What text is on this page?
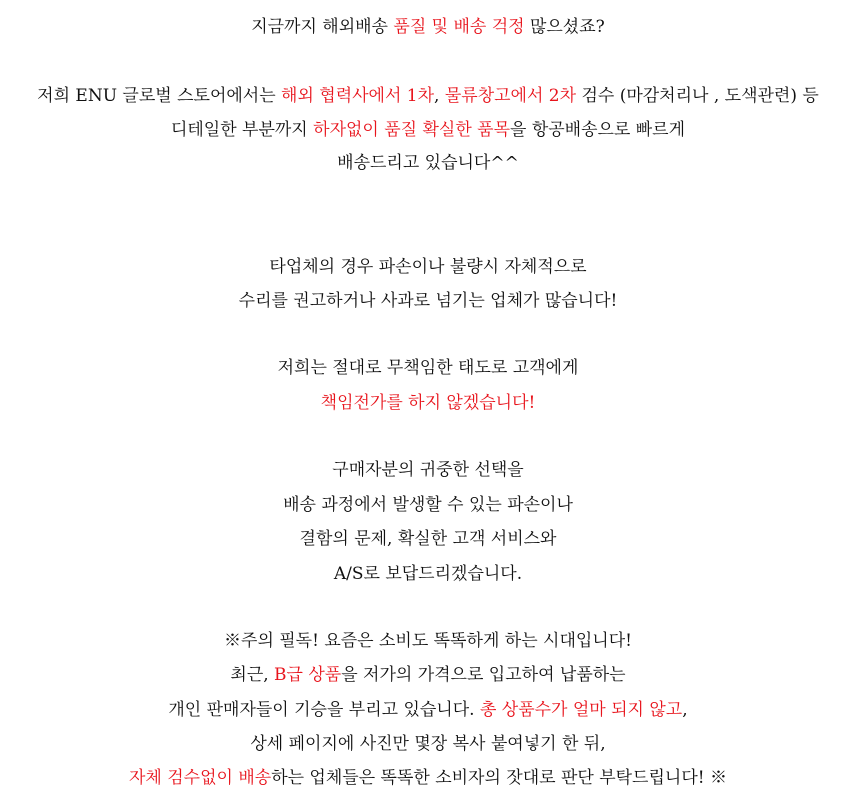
지금까지 해외배송 품질 및 배송 걱정 많으셨죠?
저희 ENU 글로벌 스토어에서는 해외 협력사에서 1차, 물류창고에서 2차 검수 (마감처리나 , 도색관련) 등
디테일한 부분까지 하자없이 품질 확실한 품목을 항공배송으로 빠르게
배송드리고 있습니다^^
타업체의 경우 파손이나 불량시 자체적으로
수리를 권고하거나 사과로 넘기는 업체가 많습니다!
저희는 절대로 무책임한 태도로 고객에게
책임전가를 하지 않겠습니다!
구매자분의 귀중한 선택을
배송 과정에서 발생할 수 있는 파손이나
결함의 문제, 확실한 고객 서비스와
A/S로 보답드리겠습니다.
※주의 필독! 요즘은 소비도 똑똑하게 하는 시대입니다!
최근, B급 상품을 저가의 가격으로 입고하여 납품하는
개인 판매자들이 기승을 부리고 있습니다. 총 상품수가 얼마 되지 않고,
상세 페이지에 사진만 몇장 복사 붙여넣기 한 뒤,
자체 검수없이 배송하는 업체들은 똑똑한 소비자의 잣대로 판단 부탁드립니다! ※
